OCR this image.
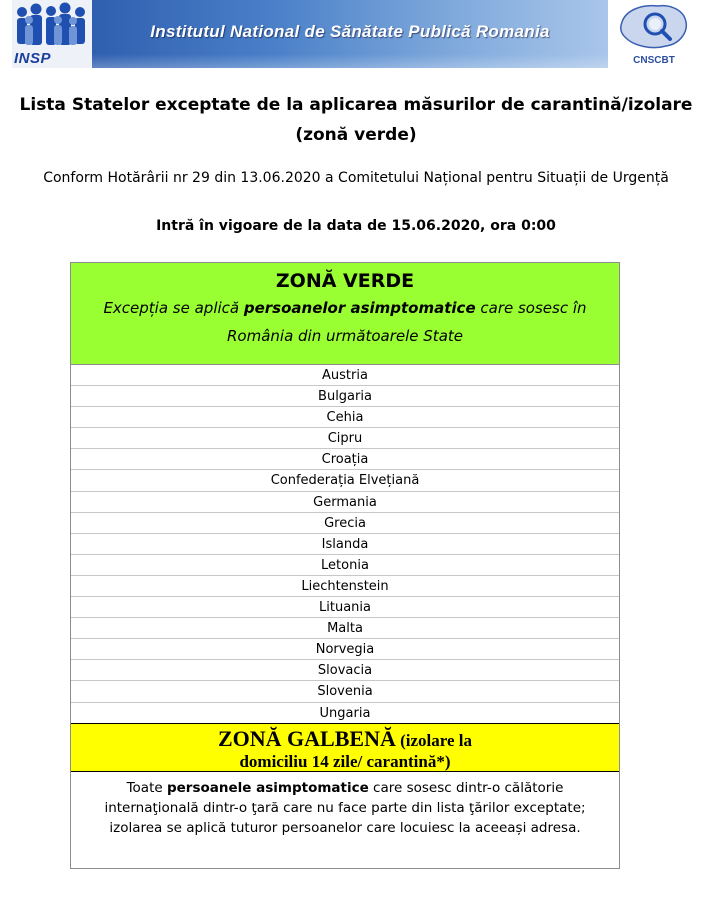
INSP
Institutul National de Sănătate Publică Romania
CNSCBT
Lista Statelor exceptate de la aplicarea măsurilor de carantină/izolare
(zonă verde)
Conform Hotărârii nr 29 din 13.06.2020 a Comitetului Național pentru Situații de Urgență
Intră în vigoare de la data de 15.06.2020, ora 0:00
ZONĂ VERDE
Excepția se aplică persoanelor asimptomatice care sosesc în
România din următoarele State
Austria
Bulgaria
Cehia
Cipru
Croația
Confederația Elvețiană
Germania
Grecia
Islanda
Letonia
Liechtenstein
Lituania
Malta
Norvegia
Slovacia
Slovenia
Ungaria
ZONĂ GALBENĂ (izolare la
domiciliu 14 zile/ carantină*)
Toate persoanele asimptomatice care sosesc dintr-o călătorie internaţională dintr-o ţară care nu face parte din lista ţărilor exceptate; izolarea se aplică tuturor persoanelor care locuiesc la aceeași adresa.
